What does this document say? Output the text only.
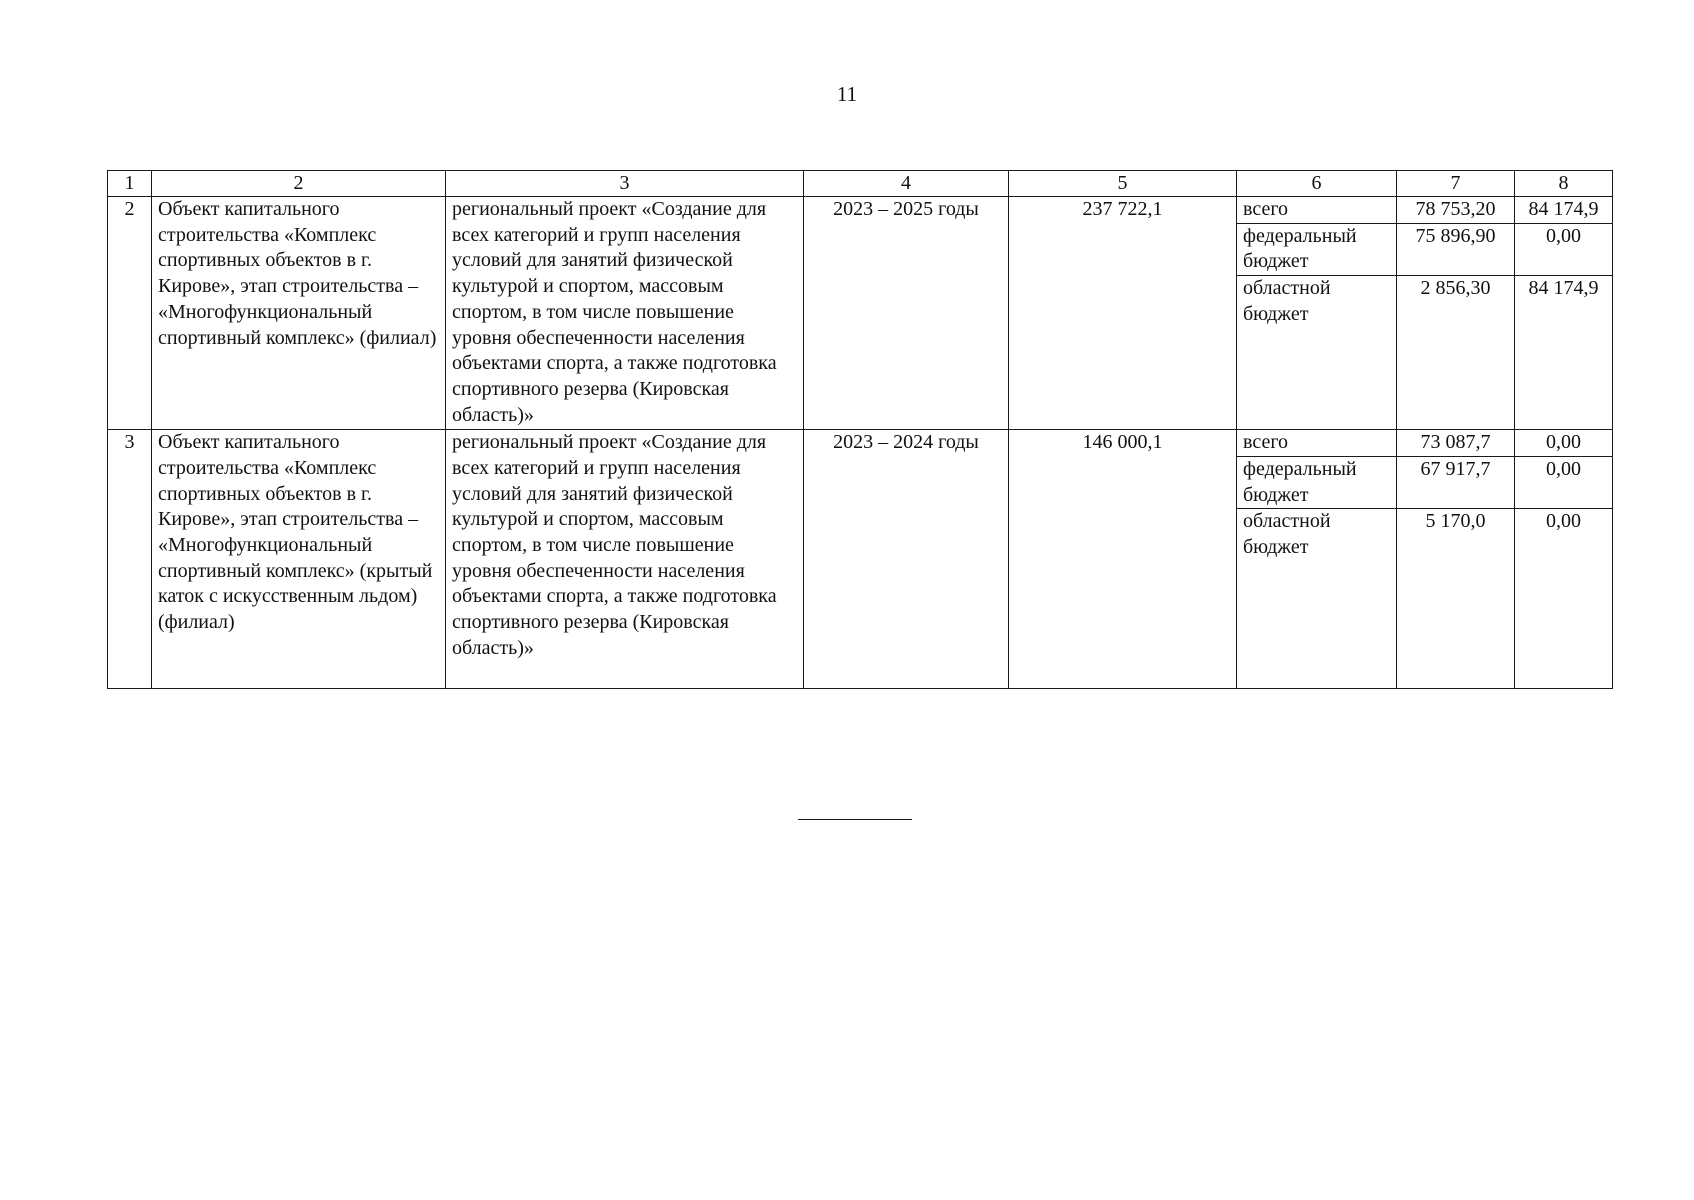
11
1	2	3	4	5	6	7	8
2	Объект капитального строительства «Комплекс спортивных объектов в г. Кирове», этап строительства – «Многофункциональный спортивный комплекс» (филиал)	региональный проект «Создание для всех категорий и групп населения условий для занятий физической культурой и спортом, массовым спортом, в том числе повышение уровня обеспеченности населения объектами спорта, а также подготовка спортивного резерва (Кировская область)»	2023 – 2025 годы	237 722,1	всего	78 753,20	84 174,9
					федеральный бюджет	75 896,90	0,00
					областной бюджет	2 856,30	84 174,9
3	Объект капитального строительства «Комплекс спортивных объектов в г. Кирове», этап строительства – «Многофункциональный спортивный комплекс» (крытый каток с искусственным льдом) (филиал)	региональный проект «Создание для всех категорий и групп населения условий для занятий физической культурой и спортом, массовым спортом, в том числе повышение уровня обеспеченности населения объектами спорта, а также подготовка спортивного резерва (Кировская область)»	2023 – 2024 годы	146 000,1	всего	73 087,7	0,00
					федеральный бюджет	67 917,7	0,00
					областной бюджет	5 170,0	0,00
